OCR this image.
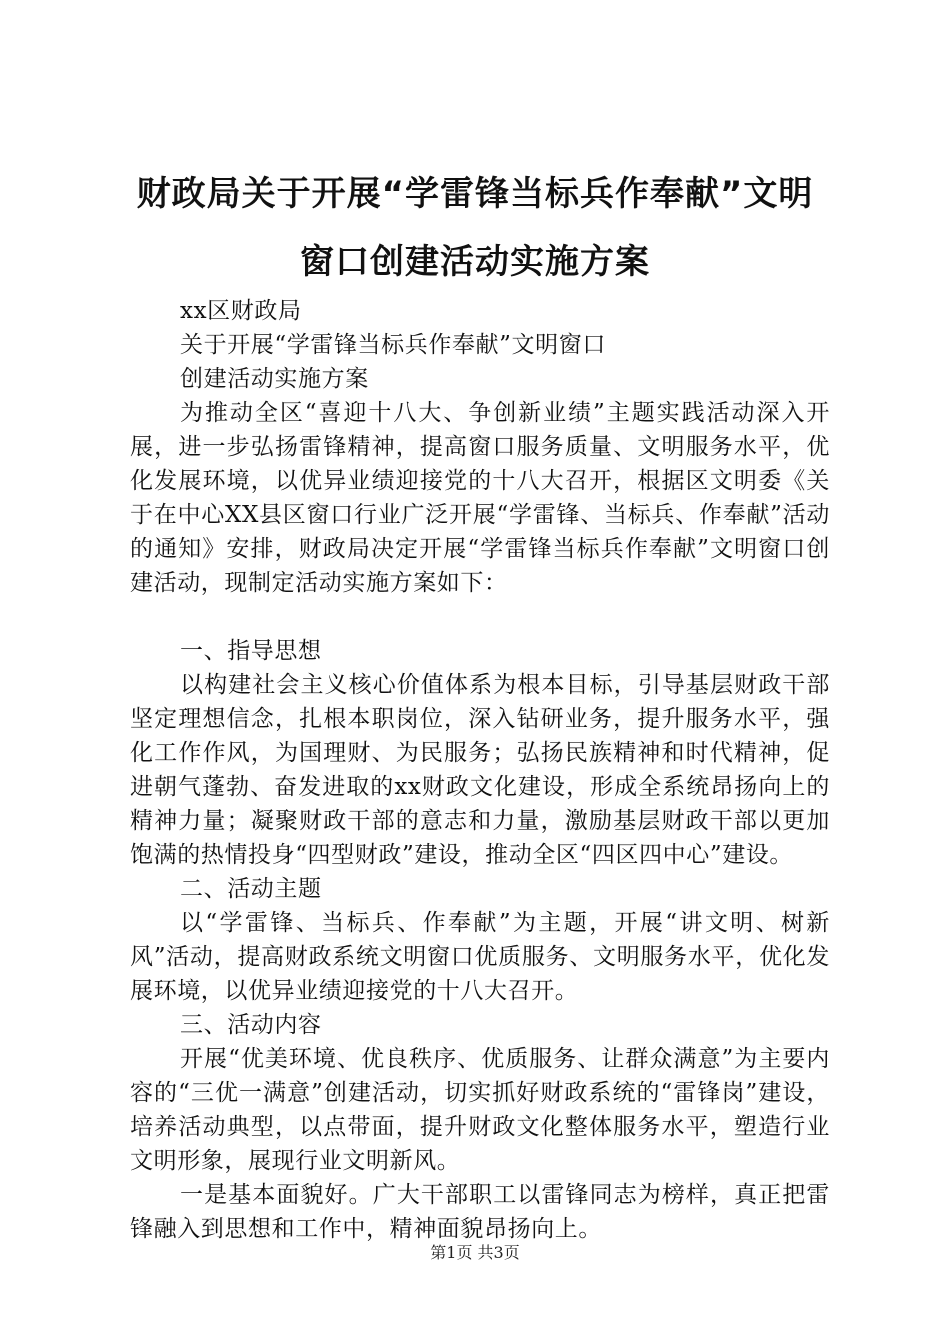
财政局关于开展“学雷锋当标兵作奉献”文明
窗口创建活动实施方案

xx区财政局

关于开展“学雷锋当标兵作奉献”文明窗口

创建活动实施方案

为推动全区“喜迎十八大、争创新业绩”主题实践活动深入开展，进一步弘扬雷锋精神，提高窗口服务质量、文明服务水平，优化发展环境，以优异业绩迎接党的十八大召开，根据区文明委《关于在中心XX县区窗口行业广泛开展“学雷锋、当标兵、作奉献”活动的通知》安排，财政局决定开展“学雷锋当标兵作奉献”文明窗口创建活动，现制定活动实施方案如下：

一、指导思想

以构建社会主义核心价值体系为根本目标，引导基层财政干部坚定理想信念，扎根本职岗位，深入钻研业务，提升服务水平，强化工作作风，为国理财、为民服务；弘扬民族精神和时代精神，促进朝气蓬勃、奋发进取的xx财政文化建设，形成全系统昂扬向上的精神力量；凝聚财政干部的意志和力量，激励基层财政干部以更加饱满的热情投身“四型财政”建设，推动全区“四区四中心”建设。

二、活动主题

以“学雷锋、当标兵、作奉献”为主题，开展“讲文明、树新风”活动，提高财政系统文明窗口优质服务、文明服务水平，优化发展环境，以优异业绩迎接党的十八大召开。

三、活动内容

开展“优美环境、优良秩序、优质服务、让群众满意”为主要内容的“三优一满意”创建活动，切实抓好财政系统的“雷锋岗”建设，培养活动典型，以点带面，提升财政文化整体服务水平，塑造行业文明形象，展现行业文明新风。

一是基本面貌好。广大干部职工以雷锋同志为榜样，真正把雷锋融入到思想和工作中，精神面貌昂扬向上。

第1页 共3页
